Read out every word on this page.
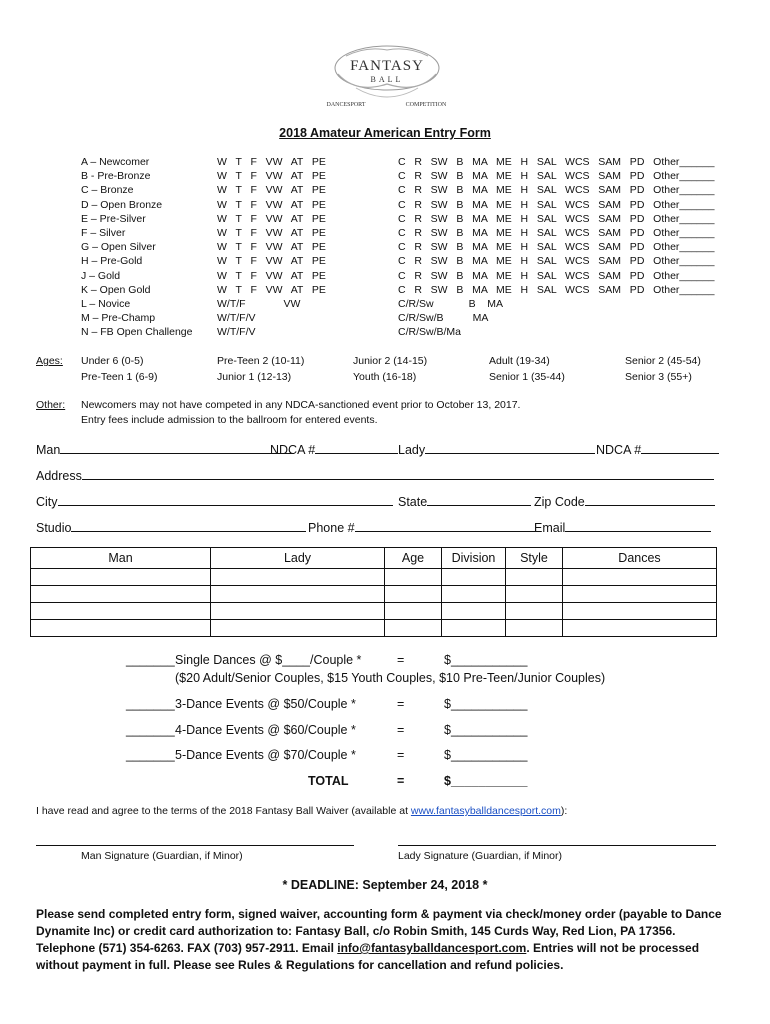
FANTASY
BALL
DANCESPORT	COMPETITION
2018 Amateur American Entry Form
A – Newcomer	W   T   F   VW   AT   PE	C   R   SW   B   MA   ME   H   SAL   WCS   SAM   PD   Other______
B - Pre-Bronze	W   T   F   VW   AT   PE	C   R   SW   B   MA   ME   H   SAL   WCS   SAM   PD   Other______
C – Bronze	W   T   F   VW   AT   PE	C   R   SW   B   MA   ME   H   SAL   WCS   SAM   PD   Other______
D – Open Bronze	W   T   F   VW   AT   PE	C   R   SW   B   MA   ME   H   SAL   WCS   SAM   PD   Other______
E – Pre-Silver	W   T   F   VW   AT   PE	C   R   SW   B   MA   ME   H   SAL   WCS   SAM   PD   Other______
F – Silver	W   T   F   VW   AT   PE	C   R   SW   B   MA   ME   H   SAL   WCS   SAM   PD   Other______
G – Open Silver	W   T   F   VW   AT   PE	C   R   SW   B   MA   ME   H   SAL   WCS   SAM   PD   Other______
H – Pre-Gold	W   T   F   VW   AT   PE	C   R   SW   B   MA   ME   H   SAL   WCS   SAM   PD   Other______
J – Gold	W   T   F   VW   AT   PE	C   R   SW   B   MA   ME   H   SAL   WCS   SAM   PD   Other______
K – Open Gold	W   T   F   VW   AT   PE	C   R   SW   B   MA   ME   H   SAL   WCS   SAM   PD   Other______
L – Novice	W/T/F             VW	C/R/Sw            B    MA
M – Pre-Champ	W/T/F/V	C/R/Sw/B          MA
N – FB Open Challenge W/T/F/V	C/R/Sw/B/Ma
Ages: Under 6 (0-5)	Pre-Teen 2 (10-11)	Junior 2 (14-15)	Adult (19-34)	Senior 2 (45-54)
Pre-Teen 1 (6-9)	Junior 1 (12-13)	Youth (16-18)	Senior 1 (35-44)	Senior 3 (55+)
Other: Newcomers may not have competed in any NDCA-sanctioned event prior to October 13, 2017.
Entry fees include admission to the ballroom for entered events.
Man	NDCA #	Lady	NDCA #
Address
City	State	Zip Code
Studio	Phone #	Email
Man	Lady	Age	Division	Style	Dances

_______ Single Dances @ $____/Couple *	=	$___________
($20 Adult/Senior Couples, $15 Youth Couples, $10 Pre-Teen/Junior Couples)
_______ 3-Dance Events @ $50/Couple *	=	$___________
_______ 4-Dance Events @ $60/Couple *	=	$___________
_______ 5-Dance Events @ $70/Couple *	=	$___________
TOTAL	=	$___________
I have read and agree to the terms of the 2018 Fantasy Ball Waiver (available at www.fantasyballdancesport.com):
Man Signature (Guardian, if Minor)	Lady Signature (Guardian, if Minor)
* DEADLINE: September 24, 2018 *
Please send completed entry form, signed waiver, accounting form & payment via check/money order (payable to Dance
Dynamite Inc) or credit card authorization to: Fantasy Ball, c/o Robin Smith, 145 Curds Way, Red Lion, PA 17356.
Telephone (571) 354-6263. FAX (703) 957-2911. Email info@fantasyballdancesport.com. Entries will not be processed
without payment in full. Please see Rules & Regulations for cancellation and refund policies.
